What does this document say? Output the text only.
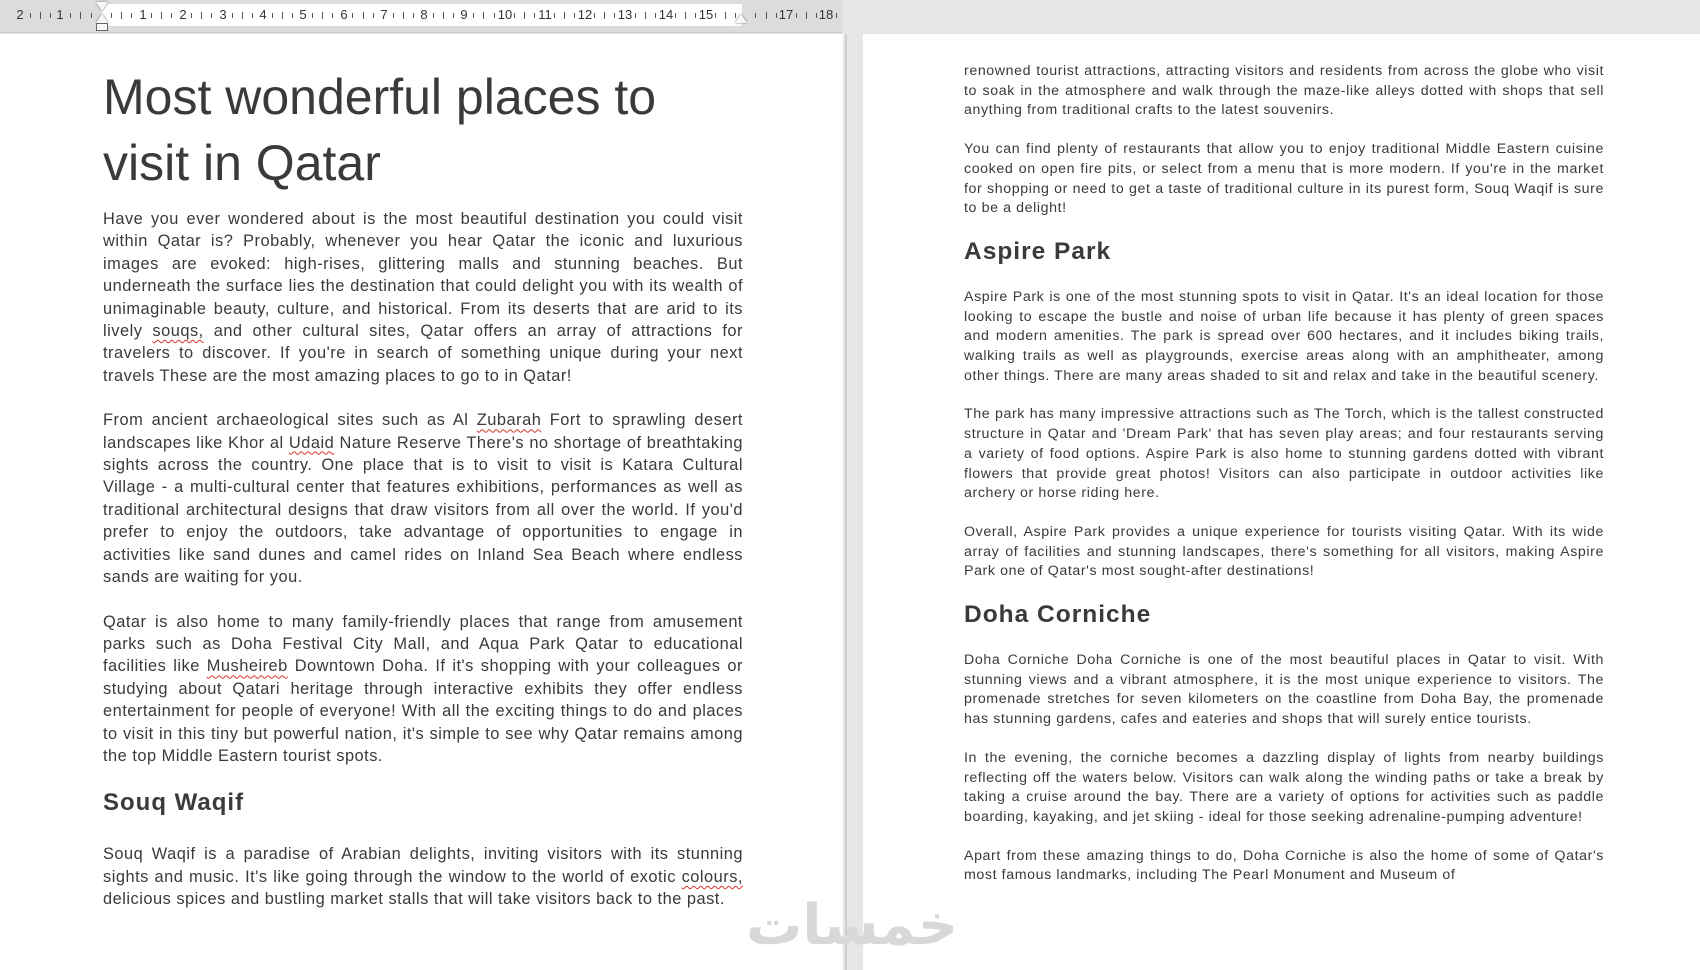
2	1	1	2	3	4	5	6	7	8	9 10 11 12 13 14 15	17 18
Most wonderful places to
visit in Qatar

Have you ever wondered about is the most beautiful destination you could visit within Qatar is? Probably, whenever you hear Qatar the iconic and luxurious images are evoked: high-rises, glittering malls and stunning beaches. But underneath the surface lies the destination that could delight you with its wealth of unimaginable beauty, culture, and historical. From its deserts that are arid to its lively souqs, and other cultural sites, Qatar offers an array of attractions for travelers to discover. If you're in search of something unique during your next travels These are the most amazing places to go to in Qatar!

From ancient archaeological sites such as Al Zubarah Fort to sprawling desert landscapes like Khor al Udaid Nature Reserve There's no shortage of breathtaking sights across the country. One place that is to visit to visit is Katara Cultural Village - a multi-cultural center that features exhibitions, performances as well as traditional architectural designs that draw visitors from all over the world. If you'd prefer to enjoy the outdoors, take advantage of opportunities to engage in activities like sand dunes and camel rides on Inland Sea Beach where endless sands are waiting for you.

Qatar is also home to many family-friendly places that range from amusement parks such as Doha Festival City Mall, and Aqua Park Qatar to educational facilities like Musheireb Downtown Doha. If it's shopping with your colleagues or studying about Qatari heritage through interactive exhibits they offer endless entertainment for people of everyone! With all the exciting things to do and places to visit in this tiny but powerful nation, it's simple to see why Qatar remains among the top Middle Eastern tourist spots.

Souq Waqif

Souq Waqif is a paradise of Arabian delights, inviting visitors with its stunning sights and music. It's like going through the window to the world of exotic colours, delicious spices and bustling market stalls that will take visitors back to the past.

renowned tourist attractions, attracting visitors and residents from across the globe who visit to soak in the atmosphere and walk through the maze-like alleys dotted with shops that sell anything from traditional crafts to the latest souvenirs.

You can find plenty of restaurants that allow you to enjoy traditional Middle Eastern cuisine cooked on open fire pits, or select from a menu that is more modern. If you're in the market for shopping or need to get a taste of traditional culture in its purest form, Souq Waqif is sure to be a delight!

Aspire Park

Aspire Park is one of the most stunning spots to visit in Qatar. It's an ideal location for those looking to escape the bustle and noise of urban life because it has plenty of green spaces and modern amenities. The park is spread over 600 hectares, and it includes biking trails, walking trails as well as playgrounds, exercise areas along with an amphitheater, among other things. There are many areas shaded to sit and relax and take in the beautiful scenery.

The park has many impressive attractions such as The Torch, which is the tallest constructed structure in Qatar and 'Dream Park' that has seven play areas; and four restaurants serving a variety of food options. Aspire Park is also home to stunning gardens dotted with vibrant flowers that provide great photos! Visitors can also participate in outdoor activities like archery or horse riding here.

Overall, Aspire Park provides a unique experience for tourists visiting Qatar. With its wide array of facilities and stunning landscapes, there's something for all visitors, making Aspire Park one of Qatar's most sought-after destinations!

Doha Corniche

Doha Corniche Doha Corniche is one of the most beautiful places in Qatar to visit. With stunning views and a vibrant atmosphere, it is the most unique experience to visitors. The promenade stretches for seven kilometers on the coastline from Doha Bay, the promenade has stunning gardens, cafes and eateries and shops that will surely entice tourists.

In the evening, the corniche becomes a dazzling display of lights from nearby buildings reflecting off the waters below. Visitors can walk along the winding paths or take a break by taking a cruise around the bay. There are a variety of options for activities such as paddle boarding, kayaking, and jet skiing - ideal for those seeking adrenaline-pumping adventure!

Apart from these amazing things to do, Doha Corniche is also the home of some of Qatar's most famous landmarks, including The Pearl Monument and Museum of

خمسات
